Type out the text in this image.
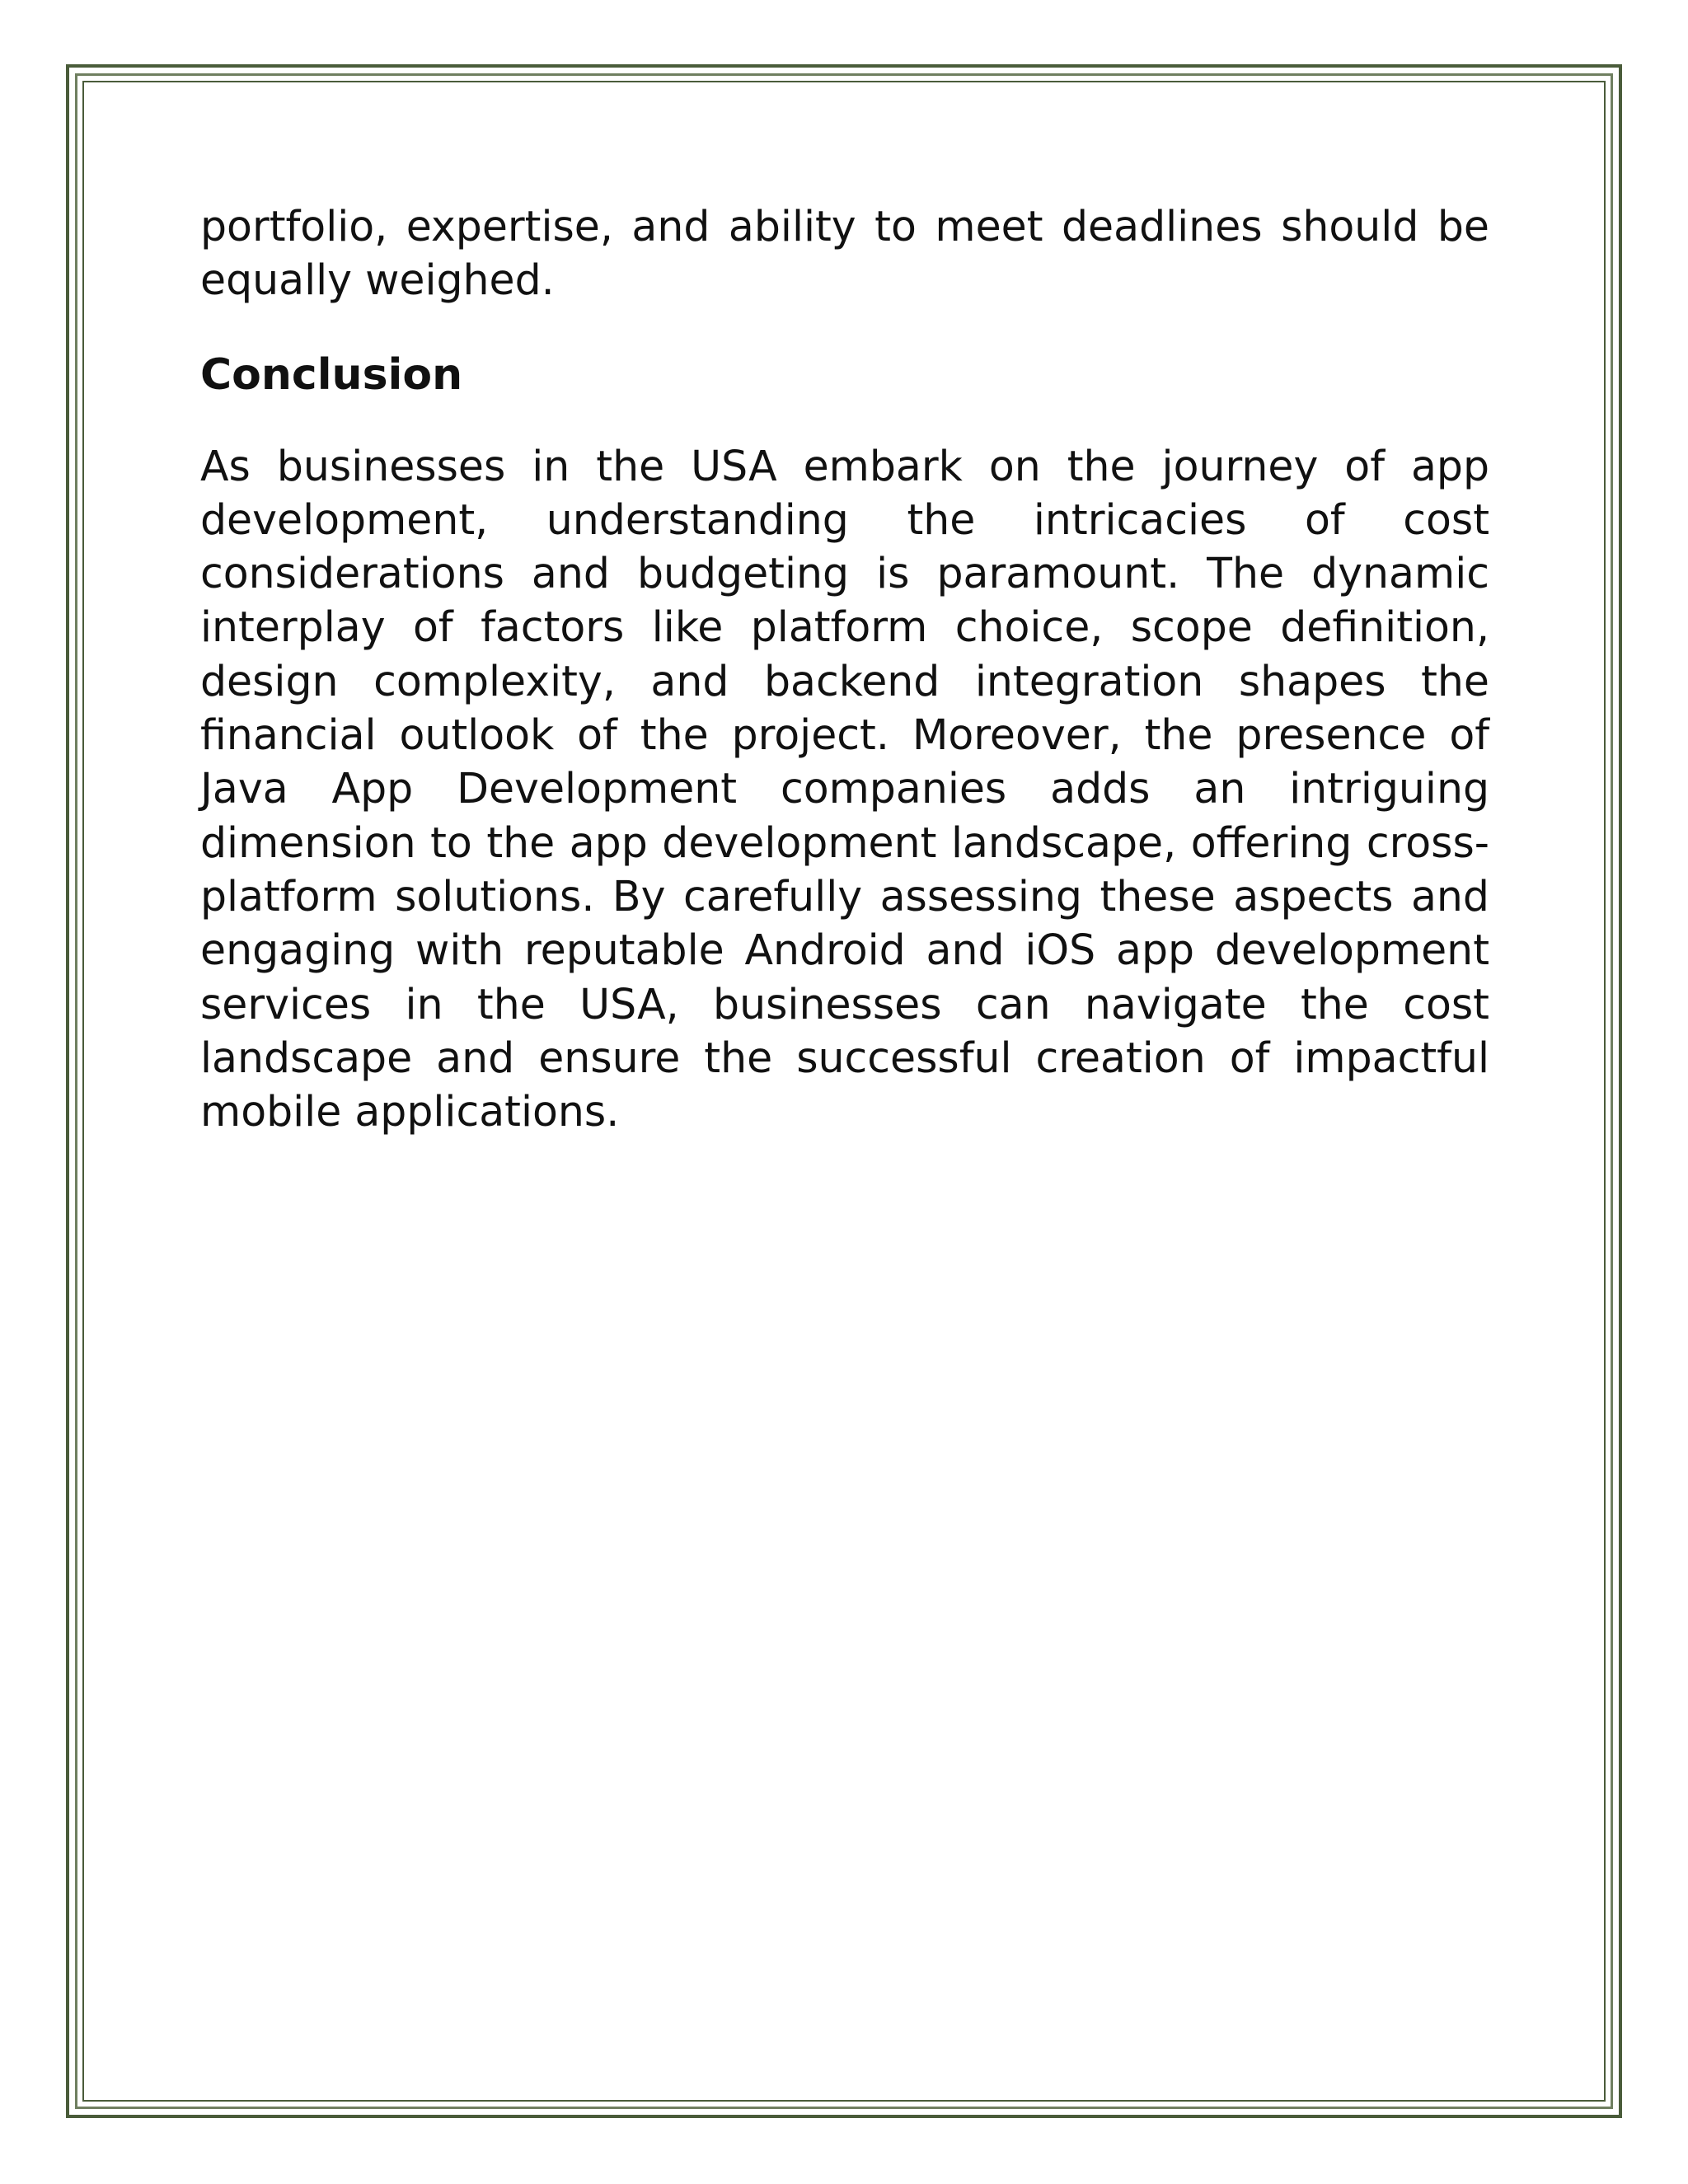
portfolio, expertise, and ability to meet deadlines should be equally weighed.

Conclusion

As businesses in the USA embark on the journey of app development, understanding the intricacies of cost considerations and budgeting is paramount. The dynamic interplay of factors like platform choice, scope definition, design complexity, and backend integration shapes the financial outlook of the project. Moreover, the presence of Java App Development companies adds an intriguing dimension to the app development landscape, offering cross-platform solutions. By carefully assessing these aspects and engaging with reputable Android and iOS app development services in the USA, businesses can navigate the cost landscape and ensure the successful creation of impactful mobile applications.
